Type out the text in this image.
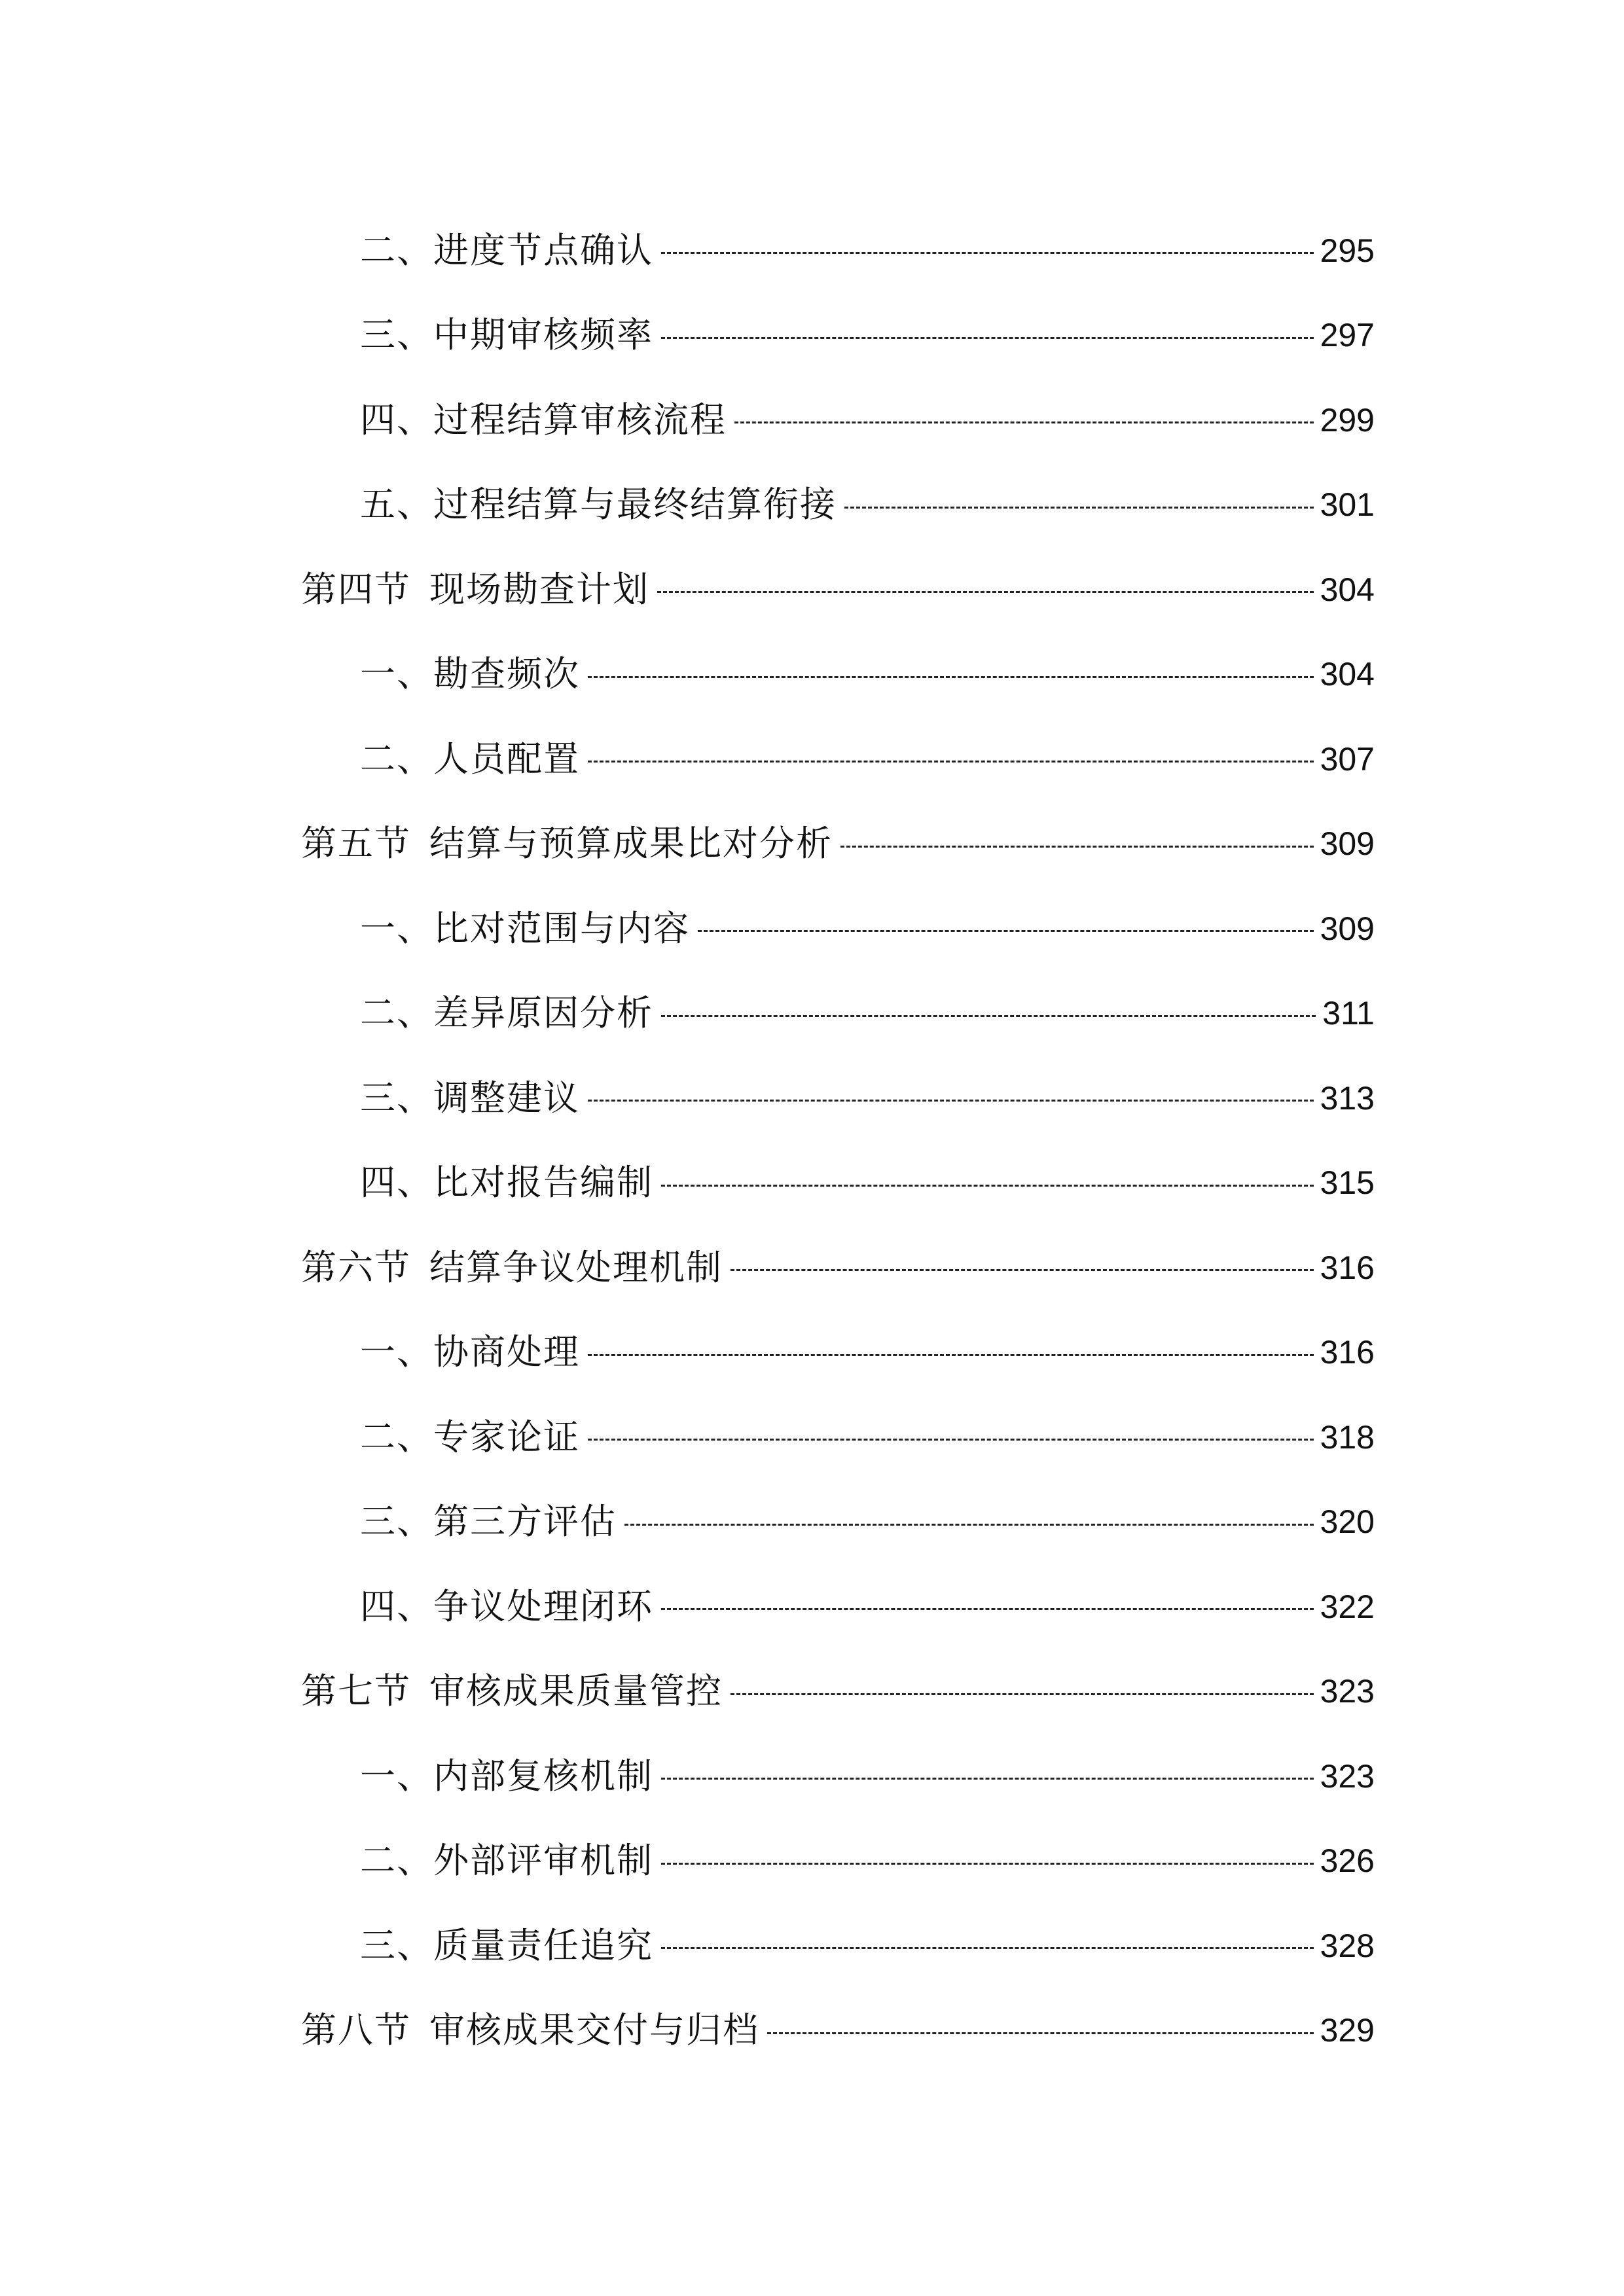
二、 进度节点确认	295
三、 中期审核频率	297
四、 过程结算审核流程	299
五、 过程结算与最终结算衔接	301
第四节 现场勘查计划	304
一、 勘查频次	304
二、 人员配置	307
第五节 结算与预算成果比对分析	309
一、 比对范围与内容	309
二、 差异原因分析	311
三、 调整建议	313
四、 比对报告编制	315
第六节 结算争议处理机制	316
一、 协商处理	316
二、 专家论证	318
三、 第三方评估	320
四、 争议处理闭环	322
第七节 审核成果质量管控	323
一、 内部复核机制	323
二、 外部评审机制	326
三、 质量责任追究	328
第八节 审核成果交付与归档	329
